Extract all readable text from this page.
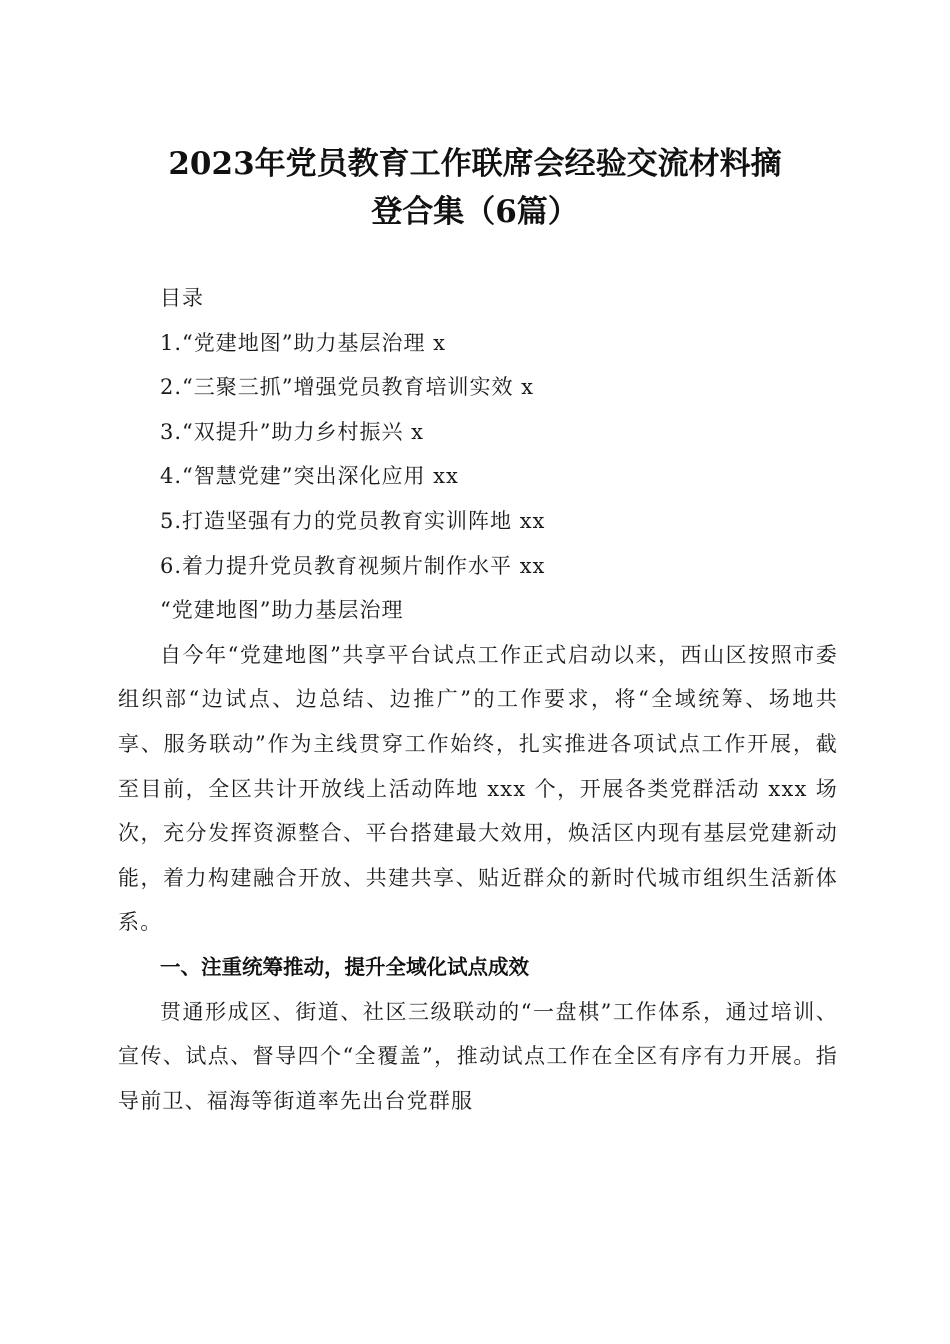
2023年党员教育工作联席会经验交流材料摘
登合集（6篇）

目录

1.“党建地图”助力基层治理 x

2.“三聚三抓”增强党员教育培训实效 x

3.“双提升”助力乡村振兴 x

4.“智慧党建”突出深化应用 xx

5.打造坚强有力的党员教育实训阵地 xx

6.着力提升党员教育视频片制作水平 xx

“党建地图”助力基层治理

自今年“党建地图”共享平台试点工作正式启动以来，西山区按照市委组织部“边试点、边总结、边推广”的工作要求，将“全域统筹、场地共享、服务联动”作为主线贯穿工作始终，扎实推进各项试点工作开展，截至目前，全区共计开放线上活动阵地 xxx 个，开展各类党群活动 xxx 场次，充分发挥资源整合、平台搭建最大效用，焕活区内现有基层党建新动能，着力构建融合开放、共建共享、贴近群众的新时代城市组织生活新体系。

一、注重统筹推动，提升全域化试点成效

贯通形成区、街道、社区三级联动的“一盘棋”工作体系，通过培训、宣传、试点、督导四个“全覆盖”，推动试点工作在全区有序有力开展。指导前卫、福海等街道率先出台党群服
